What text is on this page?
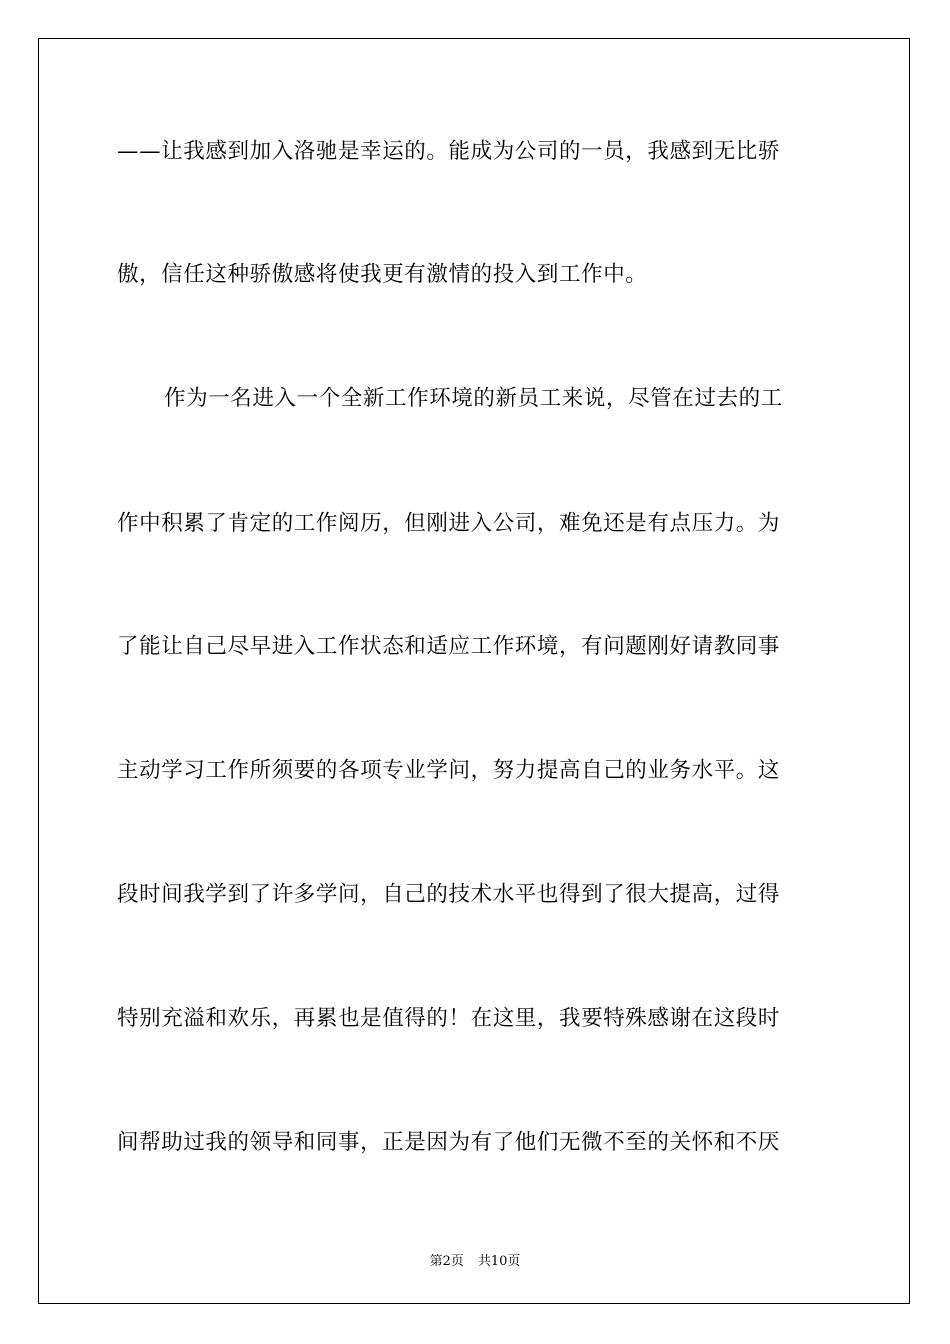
——让我感到加入洛驰是幸运的。能成为公司的一员，我感到无比骄
傲，信任这种骄傲感将使我更有激情的投入到工作中。
作为一名进入一个全新工作环境的新员工来说，尽管在过去的工
作中积累了肯定的工作阅历，但刚进入公司，难免还是有点压力。为
了能让自己尽早进入工作状态和适应工作环境，有问题刚好请教同事
主动学习工作所须要的各项专业学问，努力提高自己的业务水平。这
段时间我学到了许多学问，自己的技术水平也得到了很大提高，过得
特别充溢和欢乐，再累也是值得的！在这里，我要特殊感谢在这段时
间帮助过我的领导和同事，正是因为有了他们无微不至的关怀和不厌
第2页 共10页
